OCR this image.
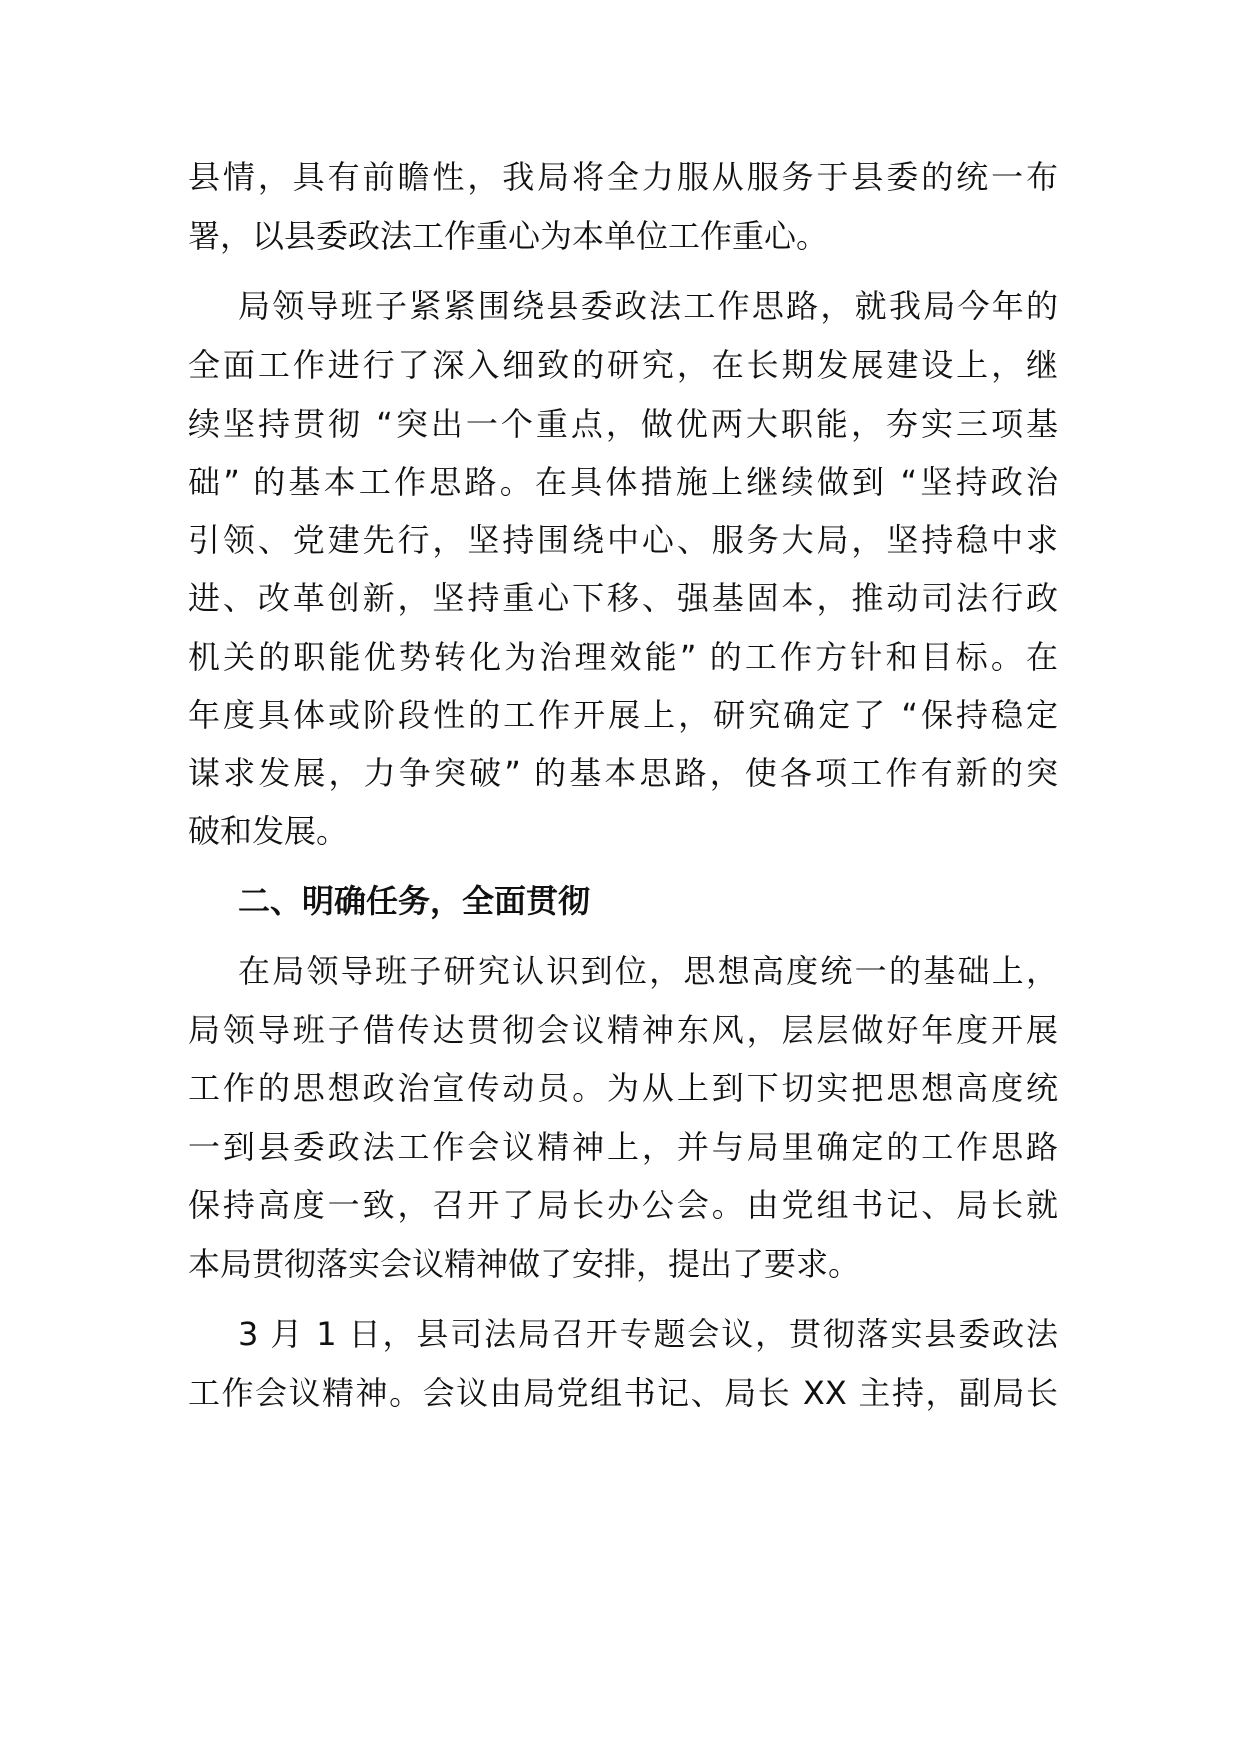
县情，具有前瞻性，我局将全力服从服务于县委的统一布
署，以县委政法工作重心为本单位工作重心。
局领导班子紧紧围绕县委政法工作思路，就我局今年的
全面工作进行了深入细致的研究，在长期发展建设上，继
续坚持贯彻 “突出一个重点，做优两大职能，夯实三项基
础” 的基本工作思路。在具体措施上继续做到 “坚持政治
引领、党建先行，坚持围绕中心、服务大局，坚持稳中求
进、改革创新，坚持重心下移、强基固本，推动司法行政
机关的职能优势转化为治理效能” 的工作方针和目标。在
年度具体或阶段性的工作开展上，研究确定了 “保持稳定
谋求发展，力争突破” 的基本思路，使各项工作有新的突
破和发展。
二、明确任务，全面贯彻
在局领导班子研究认识到位，思想高度统一的基础上，
局领导班子借传达贯彻会议精神东风，层层做好年度开展
工作的思想政治宣传动员。为从上到下切实把思想高度统
一到县委政法工作会议精神上，并与局里确定的工作思路
保持高度一致，召开了局长办公会。由党组书记、局长就
本局贯彻落实会议精神做了安排，提出了要求。
3 月 1 日，县司法局召开专题会议，贯彻落实县委政法
工作会议精神。会议由局党组书记、局长 XX 主持，副局长
